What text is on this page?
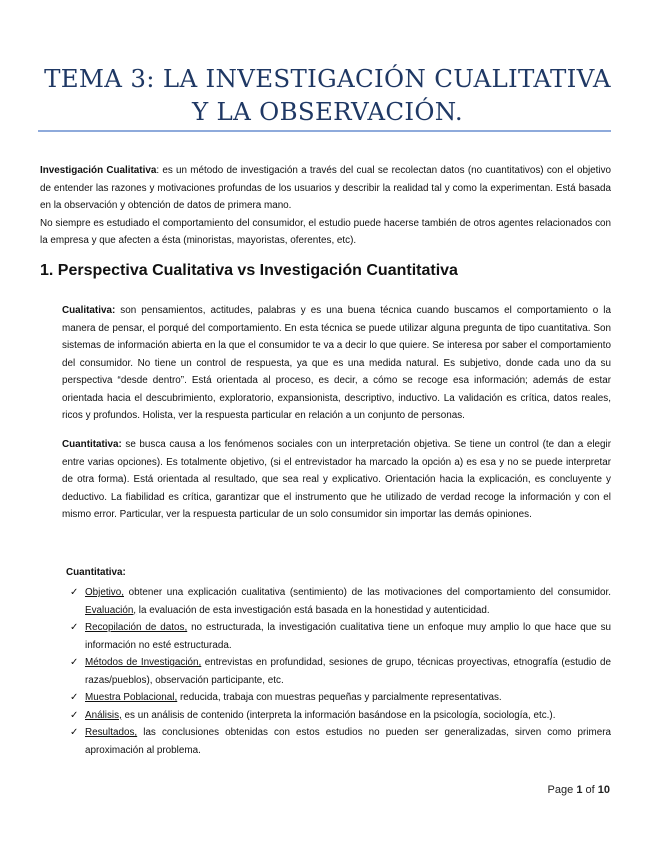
TEMA 3: LA INVESTIGACIÓN CUALITATIVA Y LA OBSERVACIÓN.
Investigación Cualitativa: es un método de investigación a través del cual se recolectan datos (no cuantitativos) con el objetivo de entender las razones y motivaciones profundas de los usuarios y describir la realidad tal y como la experimentan. Está basada en la observación y obtención de datos de primera mano.
No siempre es estudiado el comportamiento del consumidor, el estudio puede hacerse también de otros agentes relacionados con la empresa y que afecten a ésta (minoristas, mayoristas, oferentes, etc).
1. Perspectiva Cualitativa vs Investigación Cuantitativa
Cualitativa: son pensamientos, actitudes, palabras y es una buena técnica cuando buscamos el comportamiento o la manera de pensar, el porqué del comportamiento. En esta técnica se puede utilizar alguna pregunta de tipo cuantitativa. Son sistemas de información abierta en la que el consumidor te va a decir lo que quiere. Se interesa por saber el comportamiento del consumidor. No tiene un control de respuesta, ya que es una medida natural. Es subjetivo, donde cada uno da su perspectiva “desde dentro”. Está orientada al proceso, es decir, a cómo se recoge esa información; además de estar orientada hacia el descubrimiento, exploratorio, expansionista, descriptivo, inductivo. La validación es crítica, datos reales, ricos y profundos. Holista, ver la respuesta particular en relación a un conjunto de personas.
Cuantitativa: se busca causa a los fenómenos sociales con un interpretación objetiva. Se tiene un control (te dan a elegir entre varias opciones). Es totalmente objetivo, (si el entrevistador ha marcado la opción a) es esa y no se puede interpretar de otra forma). Está orientada al resultado, que sea real y explicativo. Orientación hacia la explicación, es concluyente y deductivo. La fiabilidad es crítica, garantizar que el instrumento que he utilizado de verdad recoge la información y con el mismo error. Particular, ver la respuesta particular de un solo consumidor sin importar las demás opiniones.
Cuantitativa:
✓ Objetivo, obtener una explicación cualitativa (sentimiento) de las motivaciones del comportamiento del consumidor. Evaluación, la evaluación de esta investigación está basada en la honestidad y autenticidad.
✓ Recopilación de datos, no estructurada, la investigación cualitativa tiene un enfoque muy amplio lo que hace que su información no esté estructurada.
✓ Métodos de Investigación, entrevistas en profundidad, sesiones de grupo, técnicas proyectivas, etnografía (estudio de razas/pueblos), observación participante, etc.
✓ Muestra Poblacional, reducida, trabaja con muestras pequeñas y parcialmente representativas.
✓ Análisis, es un análisis de contenido (interpreta la información basándose en la psicología, sociología, etc.).
✓ Resultados, las conclusiones obtenidas con estos estudios no pueden ser generalizadas, sirven como primera aproximación al problema.
Page 1 of 10
